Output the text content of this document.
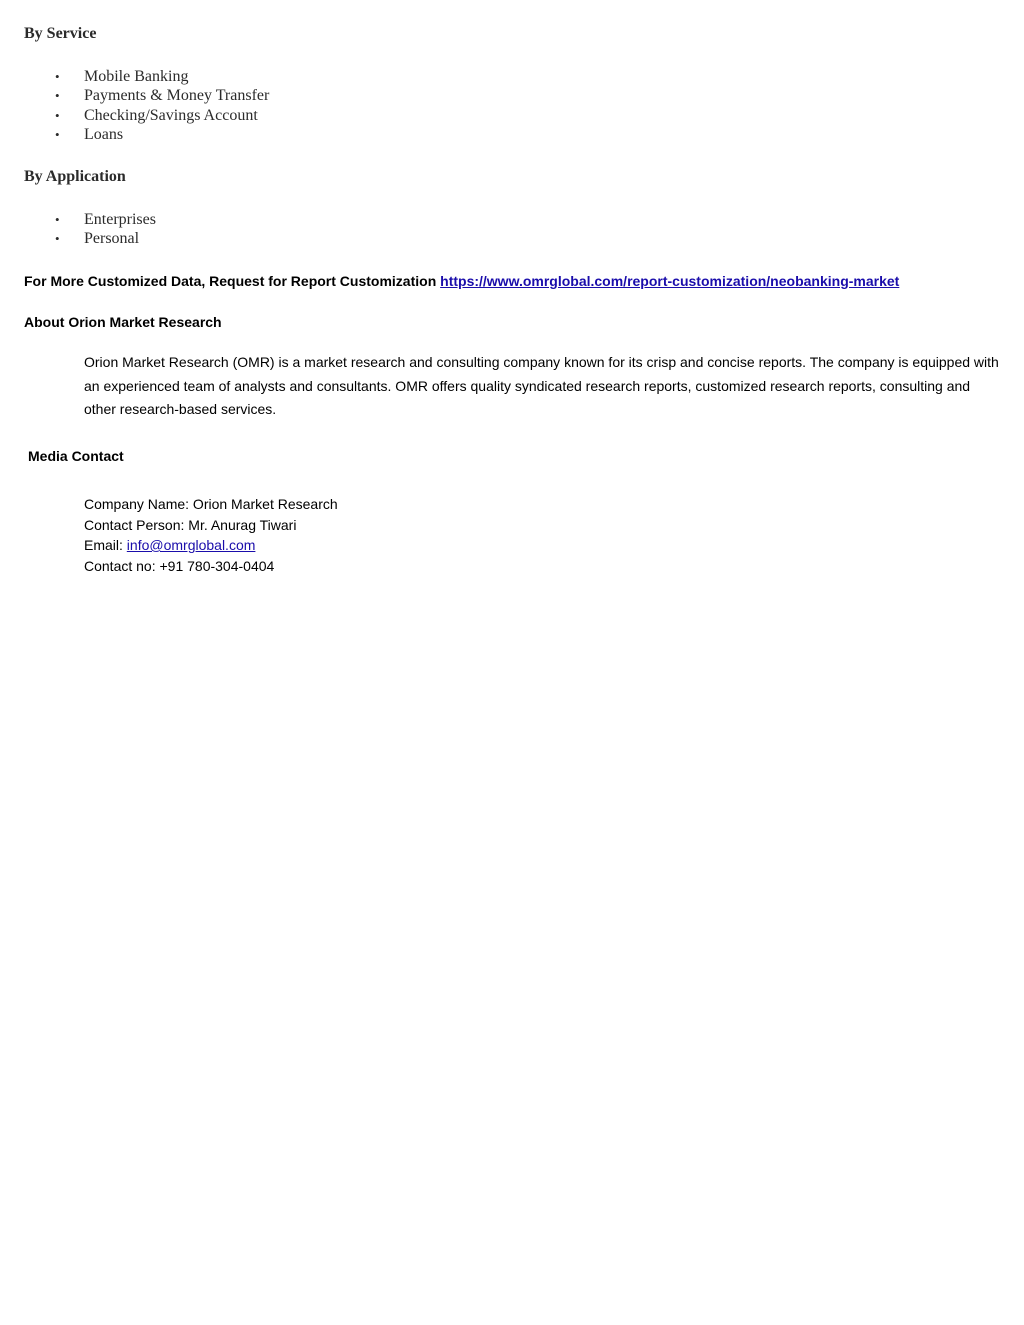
By Service
• Mobile Banking
• Payments & Money Transfer
• Checking/Savings Account
• Loans
By Application
• Enterprises
• Personal
For More Customized Data, Request for Report Customization https://www.omrglobal.com/report-customization/neobanking-market
About Orion Market Research
Orion Market Research (OMR) is a market research and consulting company known for its crisp and concise reports. The company is equipped with an experienced team of analysts and consultants. OMR offers quality syndicated research reports, customized research reports, consulting and other research-based services.
Media Contact
Company Name: Orion Market Research
Contact Person: Mr. Anurag Tiwari
Email: info@omrglobal.com
Contact no: +91 780-304-0404
